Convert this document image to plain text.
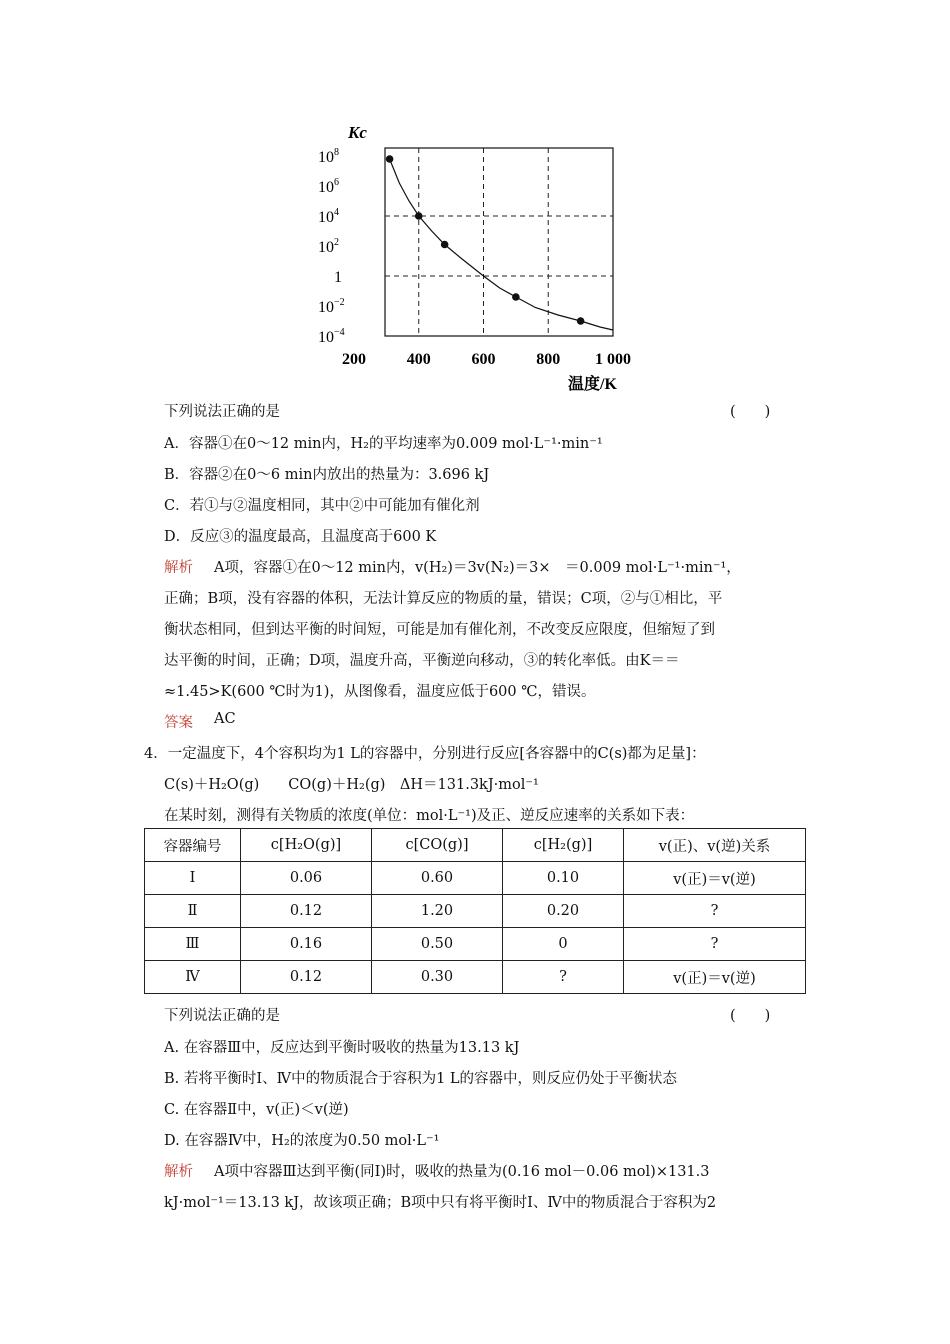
200	400	600	800 1 000
$10^8$
$10^6$
$10^4$
$10^2$
1
$10^{-2}$
$10^{-4}$
Kc
温度/K
下列说法正确的是	(　　)
A．容器①在0～12 min内，H₂的平均速率为0.009 mol·L⁻¹·min⁻¹
B．容器②在0～6 min内放出的热量为：3.696 kJ
C．若①与②温度相同，其中②中可能加有催化剂
D．反应③的温度最高，且温度高于600 K
解析 A项，容器①在0～12 min内，v(H₂)＝3v(N₂)＝3×　＝0.009 mol·L⁻¹·min⁻¹，
正确；B项，没有容器的体积，无法计算反应的物质的量，错误；C项，②与①相比，平
衡状态相同，但到达平衡的时间短，可能是加有催化剂，不改变反应限度，但缩短了到
达平衡的时间，正确；D项，温度升高，平衡逆向移动，③的转化率低。由K＝＝
≈1.45>K(600 ℃时为1)，从图像看，温度应低于600 ℃，错误。
答案 AC
4．一定温度下，4个容积均为1 L的容器中，分别进行反应[各容器中的C(s)都为足量]：
C(s)＋H₂O(g)　　CO(g)＋H₂(g)　ΔH＝131.3kJ·mol⁻¹
在某时刻，测得有关物质的浓度(单位：mol·L⁻¹)及正、逆反应速率的关系如下表：
容器编号	c[H₂O(g)]	c[CO(g)]	c[H₂(g)]	v(正)、v(逆)关系
Ⅰ	0.06	0.60	0.10	v(正)＝v(逆)
Ⅱ	0.12	1.20	0.20	?
Ⅲ	0.16	0.50	0	?
Ⅳ	0.12	0.30	?	v(正)＝v(逆)
下列说法正确的是	(　　)
A. 在容器Ⅲ中，反应达到平衡时吸收的热量为13.13 kJ
B. 若将平衡时Ⅰ、Ⅳ中的物质混合于容积为1 L的容器中，则反应仍处于平衡状态
C. 在容器Ⅱ中，v(正)＜v(逆)
D. 在容器Ⅳ中，H₂的浓度为0.50 mol·L⁻¹
解析 A项中容器Ⅲ达到平衡(同Ⅰ)时，吸收的热量为(0.16 mol－0.06 mol)×131.3
kJ·mol⁻¹＝13.13 kJ，故该项正确；B项中只有将平衡时Ⅰ、Ⅳ中的物质混合于容积为2
